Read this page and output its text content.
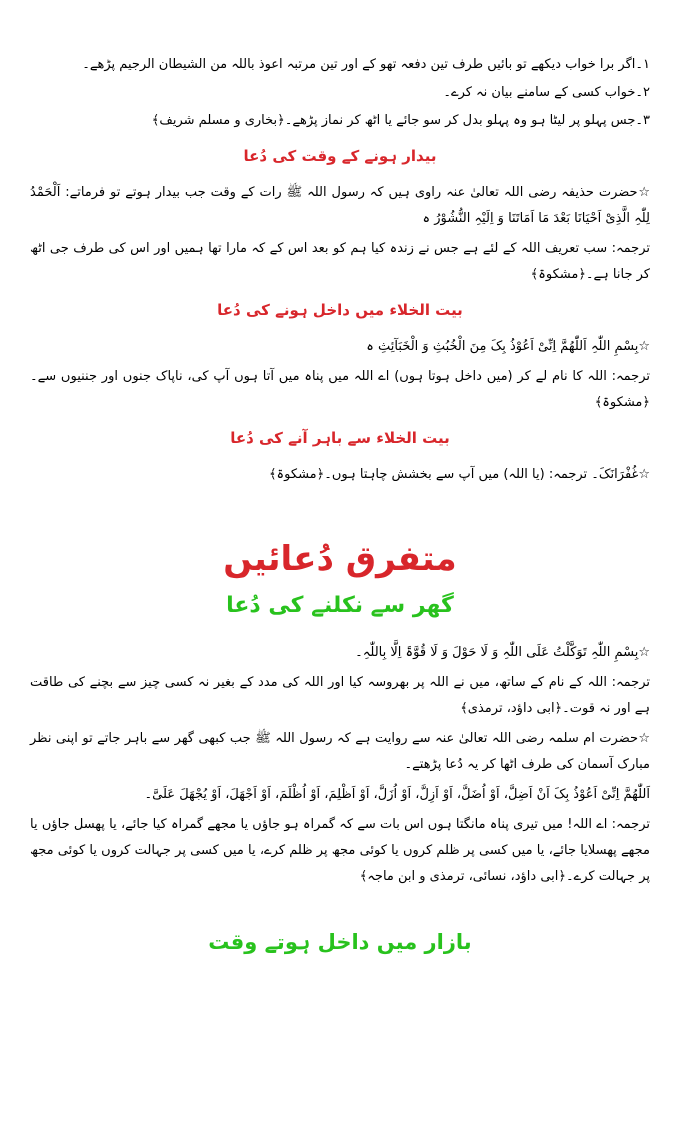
۱۔اگر برا خواب دیکھے تو بائیں طرف تین دفعہ تھو کے اور تین مرتبہ اعوذ باللہ من الشیطان الرجیم پڑھے۔

۲۔خواب کسی کے سامنے بیان نہ کرے۔

۳۔جس پہلو پر لیٹا ہو وہ پہلو بدل کر سو جائے یا اٹھ کر نماز پڑھے۔﴿بخاری و مسلم شریف﴾

بیدار ہونے کے وقت کی دُعا

☆حضرت حذیفہ رضی اللہ تعالیٰ عنہ راوی ہیں کہ رسول اللہ ﷺ رات کے وقت جب بیدار ہوتے تو فرماتے: اَلْحَمْدُ لِلّٰہِ الَّذِیْ اَحْیَانَا بَعْدَ مَا اَمَاتَنَا وَ اِلَیْہِ النُّشُوْرُ ہ

ترجمہ: سب تعریف اللہ کے لئے ہے جس نے زندہ کیا ہم کو بعد اس کے کہ مارا تھا ہمیں اور اس کی طرف جی اٹھ کر جانا ہے۔﴿مشکوۃ﴾

بیت الخلاء میں داخل ہونے کی دُعا

☆بِسْمِ اللّٰہِ اَللّٰھُمَّ اِنِّیْ اَعُوْذُ بِکَ مِنَ الْخُبُثِ وَ الْخَبَآئِثِ ہ

ترجمہ: اللہ کا نام لے کر (میں داخل ہوتا ہوں) اے اللہ میں پناہ میں آتا ہوں آپ کی، ناپاک جنوں اور جننیوں سے۔﴿مشکوۃ﴾

بیت الخلاء سے باہر آنے کی دُعا

☆غُفْرَانَکَ۔ ترجمہ: (یا اللہ) میں آپ سے بخشش چاہتا ہوں۔﴿مشکوۃ﴾

متفرق دُعائیں
گھر سے نکلنے کی دُعا

☆بِسْمِ اللّٰہِ تَوَکَّلْتُ عَلَی اللّٰہِ وَ لَا حَوْلَ وَ لَا قُوَّۃَ اِلَّا بِاللّٰہِ۔

ترجمہ: اللہ کے نام کے ساتھ، میں نے اللہ پر بھروسہ کیا اور اللہ کی مدد کے بغیر نہ کسی چیز سے بچنے کی طاقت ہے اور نہ قوت۔﴿ابی داؤد، ترمذی﴾

☆حضرت ام سلمہ رضی اللہ تعالیٰ عنہ سے روایت ہے کہ رسول اللہ ﷺ جب کبھی گھر سے باہر جاتے تو اپنی نظر مبارک آسمان کی طرف اٹھا کر یہ دُعا پڑھتے۔

اَللّٰھُمَّ اِنِّیْ اَعُوْذُ بِکَ اَنْ اَضِلَّ، اَوْ اُضَلَّ، اَوْ اَزِلَّ، اَوْ اُزَلَّ، اَوْ اَظْلِمَ، اَوْ اُظْلَمَ، اَوْ اَجْھَلَ، اَوْ یُجْھَلَ عَلَیَّ۔

ترجمہ: اے اللہ! میں تیری پناہ مانگتا ہوں اس بات سے کہ گمراہ ہو جاؤں یا مجھے گمراہ کیا جائے، یا پھسل جاؤں یا مجھے پھسلایا جائے، یا میں کسی پر ظلم کروں یا کوئی مجھ پر ظلم کرے، یا میں کسی پر جہالت کروں یا کوئی مجھ پر جہالت کرے۔﴿ابی داؤد، نسائی، ترمذی و ابن ماجہ﴾

بازار میں داخل ہوتے وقت
